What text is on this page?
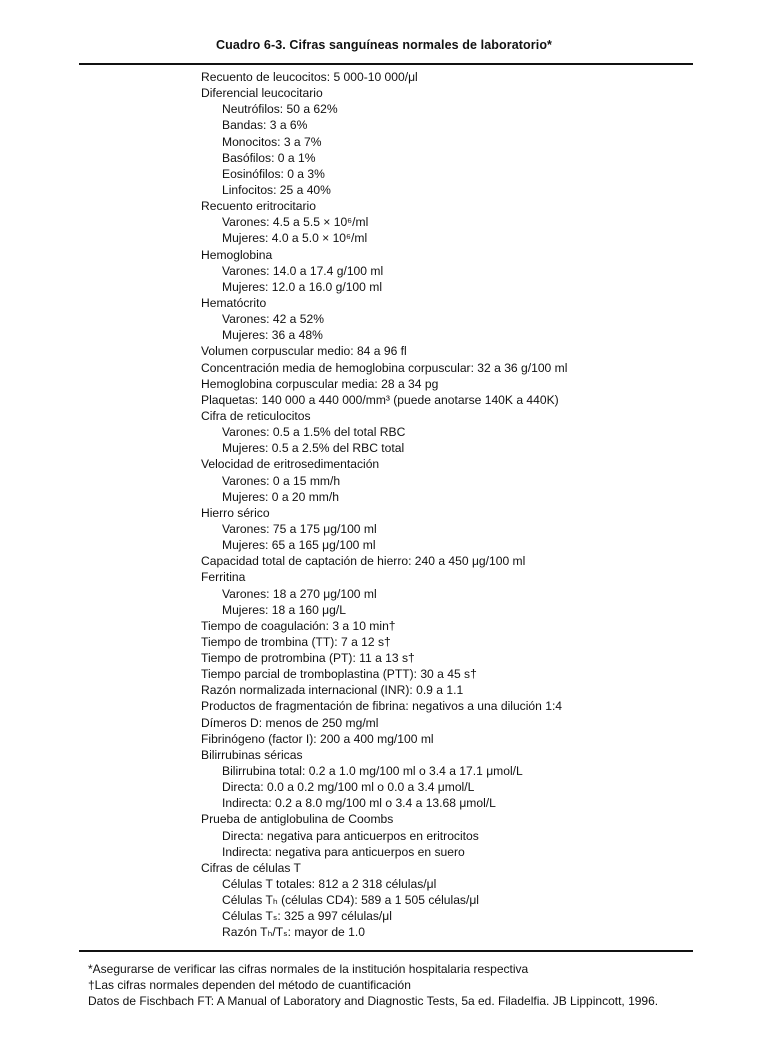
Cuadro 6-3. Cifras sanguíneas normales de laboratorio*
Recuento de leucocitos: 5 000-10 000/μl
Diferencial leucocitario
Neutrófilos: 50 a 62%
Bandas: 3 a 6%
Monocitos: 3 a 7%
Basófilos: 0 a 1%
Eosinófilos: 0 a 3%
Linfocitos: 25 a 40%
Recuento eritrocitario
Varones: 4.5 a 5.5 × 10⁶/ml
Mujeres: 4.0 a 5.0 × 10⁶/ml
Hemoglobina
Varones: 14.0 a 17.4 g/100 ml
Mujeres: 12.0 a 16.0 g/100 ml
Hematócrito
Varones: 42 a 52%
Mujeres: 36 a 48%
Volumen corpuscular medio: 84 a 96 fl
Concentración media de hemoglobina corpuscular: 32 a 36 g/100 ml
Hemoglobina corpuscular media: 28 a 34 pg
Plaquetas: 140 000 a 440 000/mm³ (puede anotarse 140K a 440K)
Cifra de reticulocitos
Varones: 0.5 a 1.5% del total RBC
Mujeres: 0.5 a 2.5% del RBC total
Velocidad de eritrosedimentación
Varones: 0 a 15 mm/h
Mujeres: 0 a 20 mm/h
Hierro sérico
Varones: 75 a 175 μg/100 ml
Mujeres: 65 a 165 μg/100 ml
Capacidad total de captación de hierro: 240 a 450 μg/100 ml
Ferritina
Varones: 18 a 270 μg/100 ml
Mujeres: 18 a 160 μg/L
Tiempo de coagulación: 3 a 10 min†
Tiempo de trombina (TT): 7 a 12 s†
Tiempo de protrombina (PT): 11 a 13 s†
Tiempo parcial de tromboplastina (PTT): 30 a 45 s†
Razón normalizada internacional (INR): 0.9 a 1.1
Productos de fragmentación de fibrina: negativos a una dilución 1:4
Dímeros D: menos de 250 mg/ml
Fibrinógeno (factor I): 200 a 400 mg/100 ml
Bilirrubinas séricas
Bilirrubina total: 0.2 a 1.0 mg/100 ml o 3.4 a 17.1 μmol/L
Directa: 0.0 a 0.2 mg/100 ml o 0.0 a 3.4 μmol/L
Indirecta: 0.2 a 8.0 mg/100 ml o 3.4 a 13.68 μmol/L
Prueba de antiglobulina de Coombs
Directa: negativa para anticuerpos en eritrocitos
Indirecta: negativa para anticuerpos en suero
Cifras de células T
Células T totales: 812 a 2 318 células/μl
Células Tₕ (células CD4): 589 a 1 505 células/μl
Células Tₛ: 325 a 997 células/μl
Razón Tₕ/Tₛ: mayor de 1.0
*Asegurarse de verificar las cifras normales de la institución hospitalaria respectiva
†Las cifras normales dependen del método de cuantificación
Datos de Fischbach FT: A Manual of Laboratory and Diagnostic Tests, 5a ed. Filadelfia. JB Lippincott, 1996.
